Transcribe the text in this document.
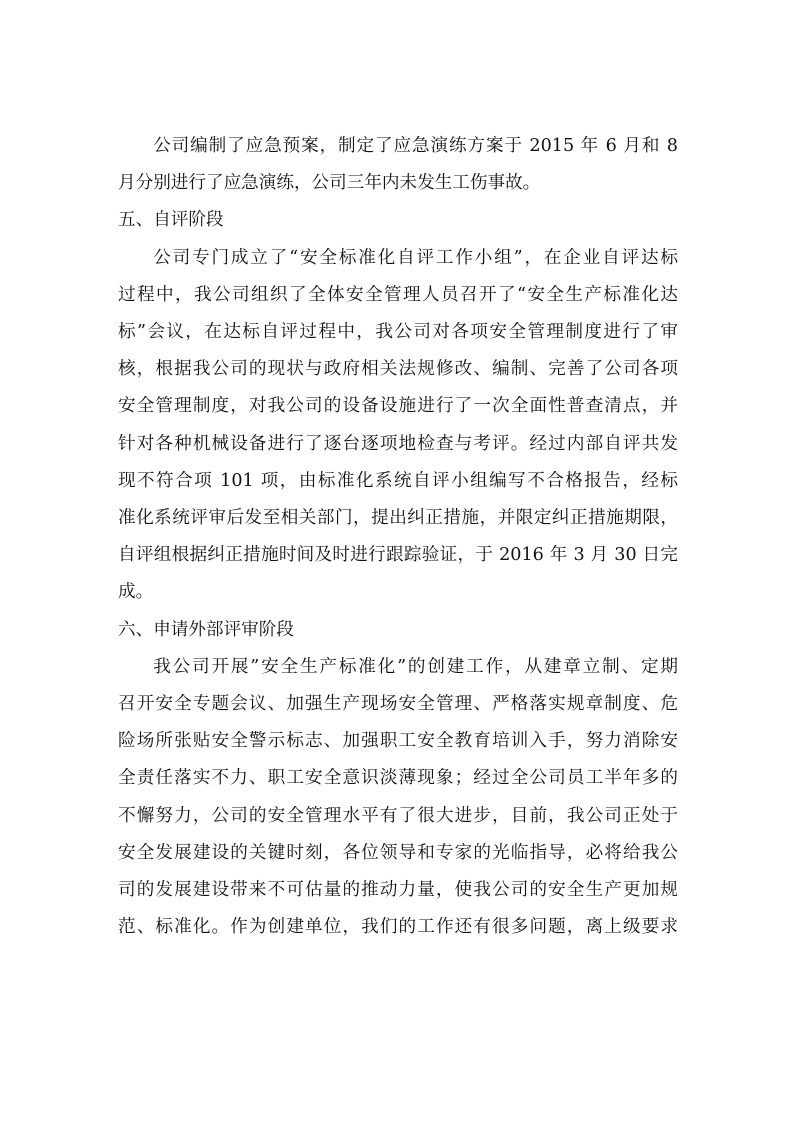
公司编制了应急预案，制定了应急演练方案于 2015 年 6 月和 8
月分别进行了应急演练，公司三年内未发生工伤事故。
五、自评阶段
公司专门成立了“安全标准化自评工作小组”，在企业自评达标
过程中，我公司组织了全体安全管理人员召开了“安全生产标准化达
标”会议，在达标自评过程中，我公司对各项安全管理制度进行了审
核，根据我公司的现状与政府相关法规修改、编制、完善了公司各项
安全管理制度，对我公司的设备设施进行了一次全面性普查清点，并
针对各种机械设备进行了逐台逐项地检查与考评。经过内部自评共发
现不符合项 101 项，由标准化系统自评小组编写不合格报告，经标
准化系统评审后发至相关部门，提出纠正措施，并限定纠正措施期限，
自评组根据纠正措施时间及时进行跟踪验证，于 2016 年 3 月 30 日完
成。
六、申请外部评审阶段
我公司开展”安全生产标准化”的创建工作，从建章立制、定期
召开安全专题会议、加强生产现场安全管理、严格落实规章制度、危
险场所张贴安全警示标志、加强职工安全教育培训入手，努力消除安
全责任落实不力、职工安全意识淡薄现象；经过全公司员工半年多的
不懈努力，公司的安全管理水平有了很大进步，目前，我公司正处于
安全发展建设的关键时刻，各位领导和专家的光临指导，必将给我公
司的发展建设带来不可估量的推动力量，使我公司的安全生产更加规
范、标准化。作为创建单位，我们的工作还有很多问题，离上级要求
